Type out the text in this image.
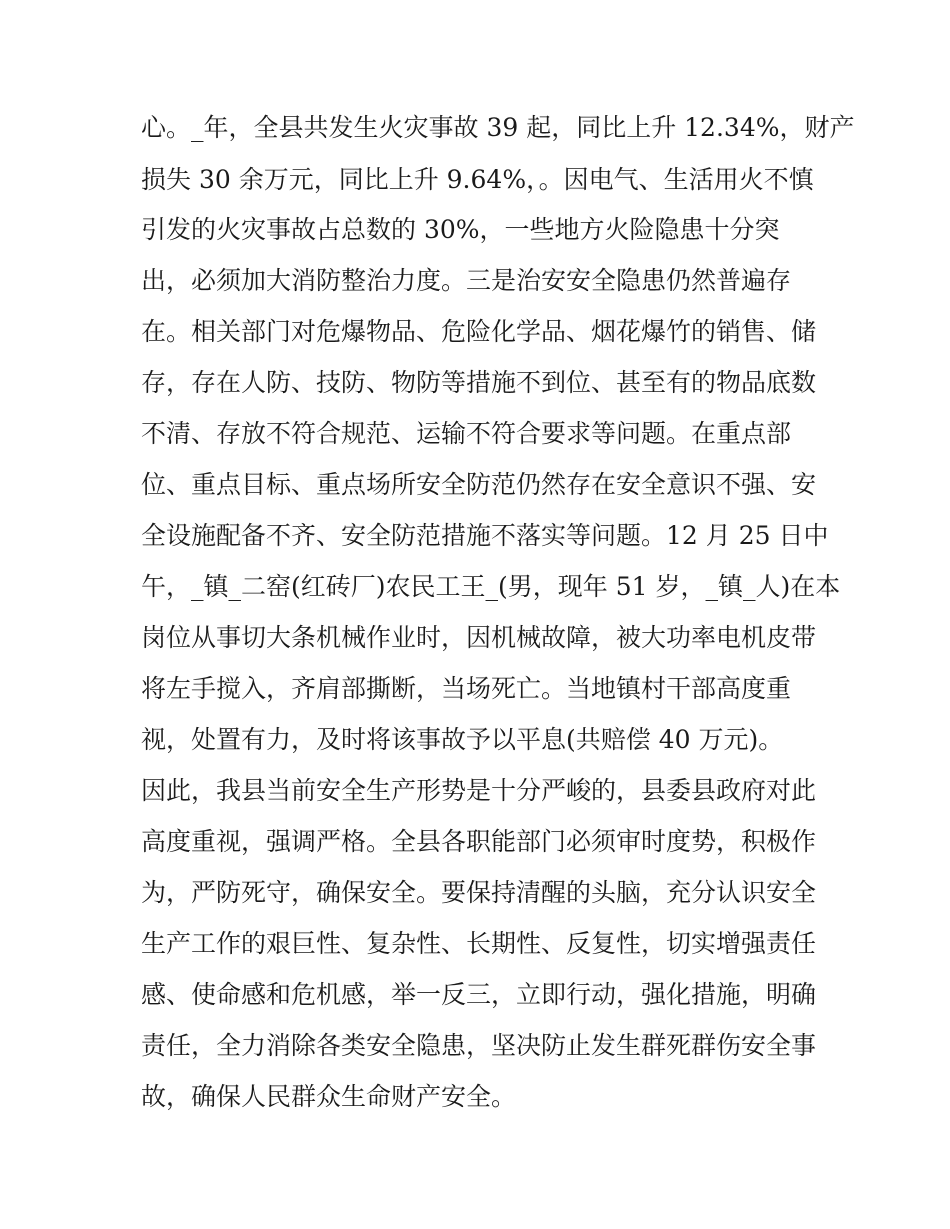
心。_年，全县共发生火灾事故 39 起，同比上升 12.34%，财产
损失 30 余万元，同比上升 9.64%，。因电气、生活用火不慎
引发的火灾事故占总数的 30%，一些地方火险隐患十分突
出，必须加大消防整治力度。三是治安安全隐患仍然普遍存
在。相关部门对危爆物品、危险化学品、烟花爆竹的销售、储
存，存在人防、技防、物防等措施不到位、甚至有的物品底数
不清、存放不符合规范、运输不符合要求等问题。在重点部
位、重点目标、重点场所安全防范仍然存在安全意识不强、安
全设施配备不齐、安全防范措施不落实等问题。12 月 25 日中
午，_镇_二窑(红砖厂)农民工王_(男，现年 51 岁，_镇_人)在本
岗位从事切大条机械作业时，因机械故障，被大功率电机皮带
将左手搅入，齐肩部撕断，当场死亡。当地镇村干部高度重
视，处置有力，及时将该事故予以平息(共赔偿 40 万元)。
因此，我县当前安全生产形势是十分严峻的，县委县政府对此
高度重视，强调严格。全县各职能部门必须审时度势，积极作
为，严防死守，确保安全。要保持清醒的头脑，充分认识安全
生产工作的艰巨性、复杂性、长期性、反复性，切实增强责任
感、使命感和危机感，举一反三，立即行动，强化措施，明确
责任，全力消除各类安全隐患，坚决防止发生群死群伤安全事
故，确保人民群众生命财产安全。
